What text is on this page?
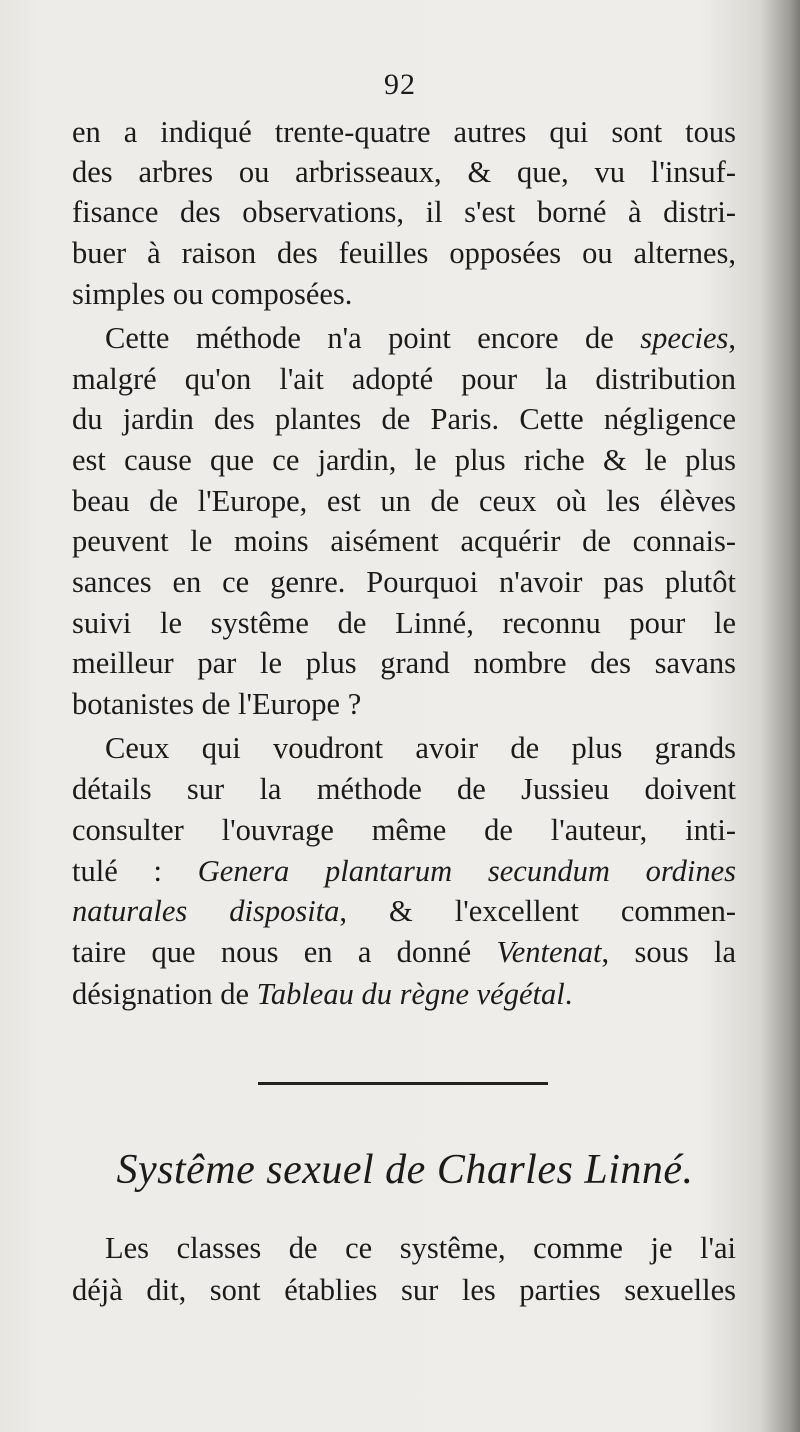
92
en a indiqué trente-quatre autres qui sont tous
des arbres ou arbrisseaux, & que, vu l'insuf-
fisance des observations, il s'est borné à distri-
buer à raison des feuilles opposées ou alternes,
simples ou composées.
Cette méthode n'a point encore de species,
malgré qu'on l'ait adopté pour la distribution
du jardin des plantes de Paris. Cette négligence
est cause que ce jardin, le plus riche & le plus
beau de l'Europe, est un de ceux où les élèves
peuvent le moins aisément acquérir de connais-
sances en ce genre. Pourquoi n'avoir pas plutôt
suivi le systême de Linné, reconnu pour le
meilleur par le plus grand nombre des savans
botanistes de l'Europe ?
Ceux qui voudront avoir de plus grands
détails sur la méthode de Jussieu doivent
consulter l'ouvrage même de l'auteur, inti-
tulé : Genera plantarum secundum ordines
naturales disposita, & l'excellent commen-
taire que nous en a donné Ventenat, sous la
désignation de Tableau du règne végétal.
Systême sexuel de Charles Linné.
Les classes de ce systême, comme je l'ai
déjà dit, sont établies sur les parties sexuelles
